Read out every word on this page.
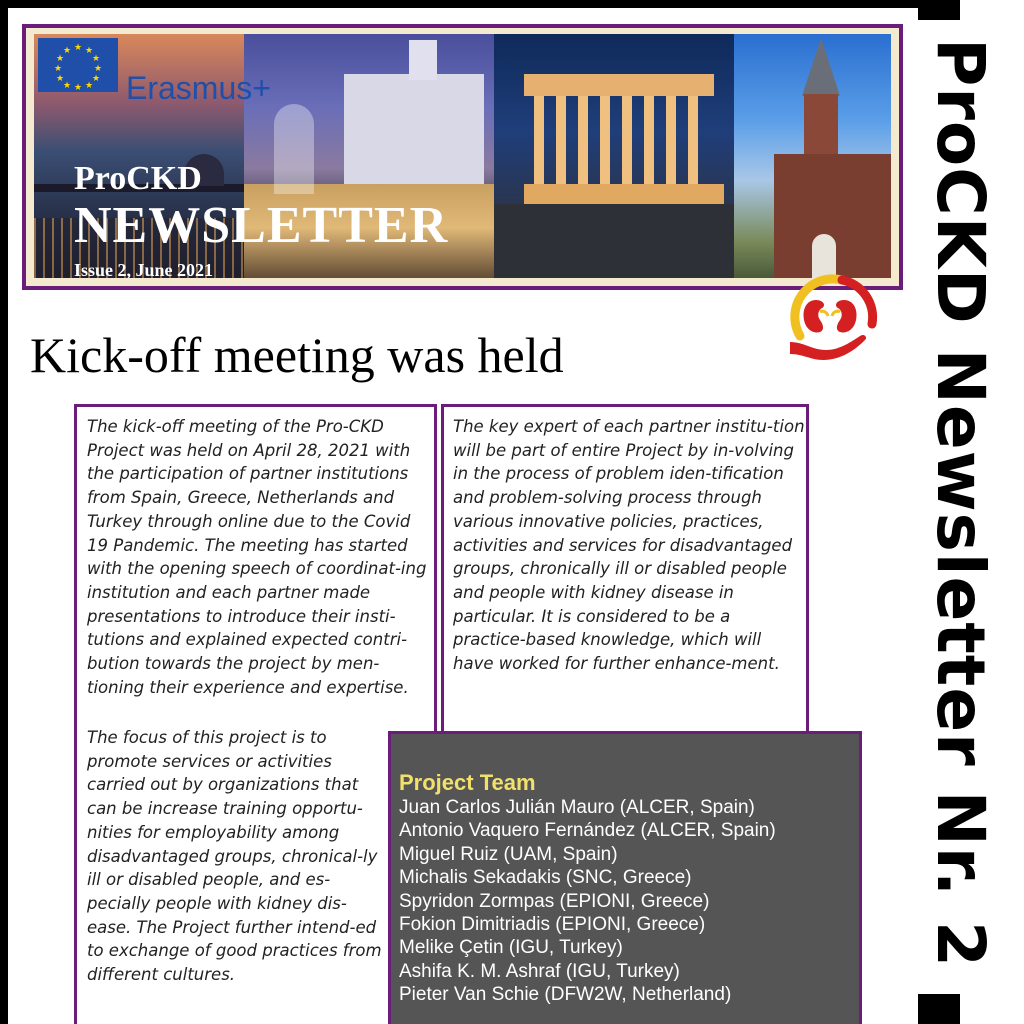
ProCKD Newsletter Nr. 2
★ ★
★
★
★
★
★
★
★
★
★
★
Erasmus+
ProCKD
NEWSLETTER
Issue 2, June 2021
Kick-off meeting was held

The kick-off meeting of the Pro-CKD Project was held on April 28, 2021 with the participation of partner institutions from Spain, Greece, Netherlands and Turkey through online due to the Covid 19 Pandemic. The meeting has started with the opening speech of coordinat-ing institution and each partner made presentations to introduce their insti-tutions and explained expected contri-bution towards the project by men-tioning their experience and expertise.

The focus of this project is to promote services or activities carried out by organizations that can be increase training opportu-nities for employability among disadvantaged groups, chronical-ly ill or disabled people, and es-pecially people with kidney dis-ease. The Project further intend-ed to exchange of good practices from different cultures.

The key expert of each partner institu-tion will be part of entire Project by in-volving in the process of problem iden-tification and problem-solving process through various innovative policies, practices, activities and services for disadvantaged groups, chronically ill or disabled people and people with kidney disease in particular. It is considered to be a practice-based knowledge, which will have worked for further enhance-ment.

Project Team
Juan Carlos Julián Mauro (ALCER, Spain)
Antonio Vaquero Fernández (ALCER, Spain)
Miguel Ruiz (UAM, Spain)
Michalis Sekadakis (SNC, Greece)
Spyridon Zormpas (EPIONI, Greece)
Fokion Dimitriadis (EPIONI, Greece)
Melike Çetin (IGU, Turkey)
Ashifa K. M. Ashraf (IGU, Turkey)
Pieter Van Schie (DFW2W, Netherland)
